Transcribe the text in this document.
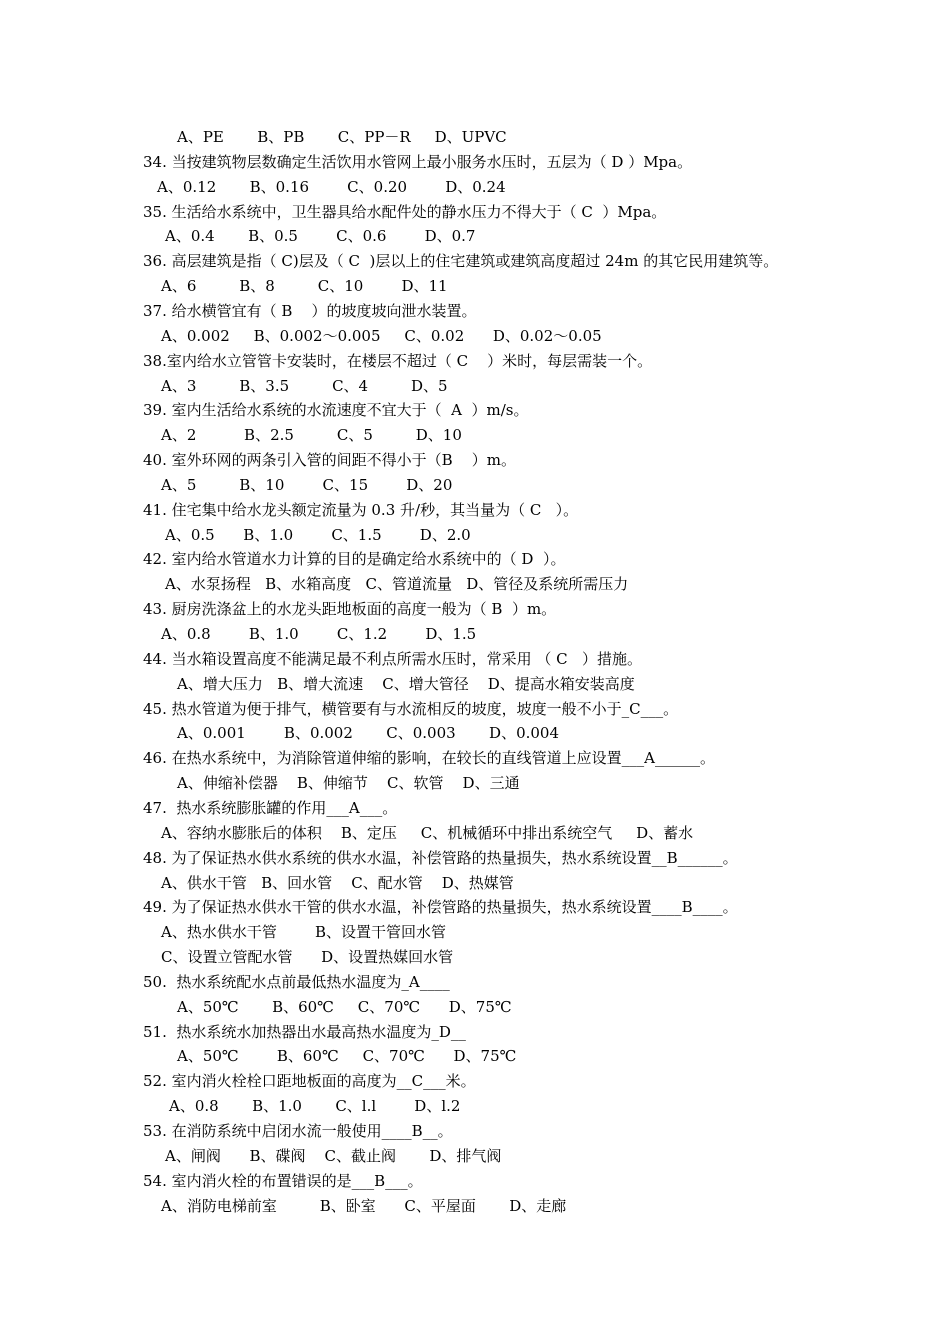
A、PE       B、PB       C、PP－R     D、UPVC
34. 当按建筑物层数确定生活饮用水管网上最小服务水压时，五层为（ D ）Mpa。
A、0.12       B、0.16        C、0.20        D、0.24
35. 生活给水系统中，卫生器具给水配件处的静水压力不得大于（ C  ）Mpa。
A、0.4       B、0.5        C、0.6        D、0.7
36. 高层建筑是指（ C)层及（ C  )层以上的住宅建筑或建筑高度超过 24m 的其它民用建筑等。
A、6         B、8         C、10        D、11
37. 给水横管宜有（ B    ）的坡度坡向泄水装置。
A、0.002     B、0.002～0.005     C、0.02      D、0.02～0.05
38.室内给水立管管卡安装时，在楼层不超过（ C    ）米时，每层需装一个。
A、3         B、3.5         C、4         D、5
39. 室内生活给水系统的水流速度不宜大于（  A  ）m/s。
A、2          B、2.5         C、5         D、10
40. 室外环网的两条引入管的间距不得小于（B    ）m。
A、5         B、10        C、15        D、20
41. 住宅集中给水龙头额定流量为 0.3 升/秒，其当量为（ C   ）。
A、0.5      B、1.0        C、1.5        D、2.0
42. 室内给水管道水力计算的目的是确定给水系统中的（ D  ）。
A、水泵扬程   B、水箱高度   C、管道流量   D、管径及系统所需压力
43. 厨房洗涤盆上的水龙头距地板面的高度一般为（ B  ）m。
A、0.8        B、1.0        C、1.2        D、1.5
44. 当水箱设置高度不能满足最不利点所需水压时，常采用 （ C   ）措施。
A、增大压力   B、增大流速    C、增大管径    D、提高水箱安装高度
45. 热水管道为便于排气，横管要有与水流相反的坡度，坡度一般不小于_C___。
A、0.001        B、0.002       C、0.003       D、0.004
46. 在热水系统中，为消除管道伸缩的影响，在较长的直线管道上应设置___A______。
A、伸缩补偿器    B、伸缩节    C、软管    D、三通
47.  热水系统膨胀罐的作用___A___。
A、容纳水膨胀后的体积    B、定压     C、机械循环中排出系统空气     D、蓄水
48. 为了保证热水供水系统的供水水温，补偿管路的热量损失，热水系统设置__B______。
A、供水干管   B、回水管    C、配水管    D、热媒管
49. 为了保证热水供水干管的供水水温，补偿管路的热量损失，热水系统设置____B____。
A、热水供水干管        B、设置干管回水管
C、设置立管配水管      D、设置热媒回水管
50.  热水系统配水点前最低热水温度为_A____
A、50℃       B、60℃     C、70℃      D、75℃
51.  热水系统水加热器出水最高热水温度为_D__
A、50℃        B、60℃     C、70℃      D、75℃
52. 室内消火栓栓口距地板面的高度为__C___米。
A、0.8       B、1.0       C、l.l        D、l.2
53. 在消防系统中启闭水流一般使用____B__。
A、闸阀      B、碟阀    C、截止阀       D、排气阀
54. 室内消火栓的布置错误的是___B___。
A、消防电梯前室         B、卧室      C、平屋面       D、走廊
